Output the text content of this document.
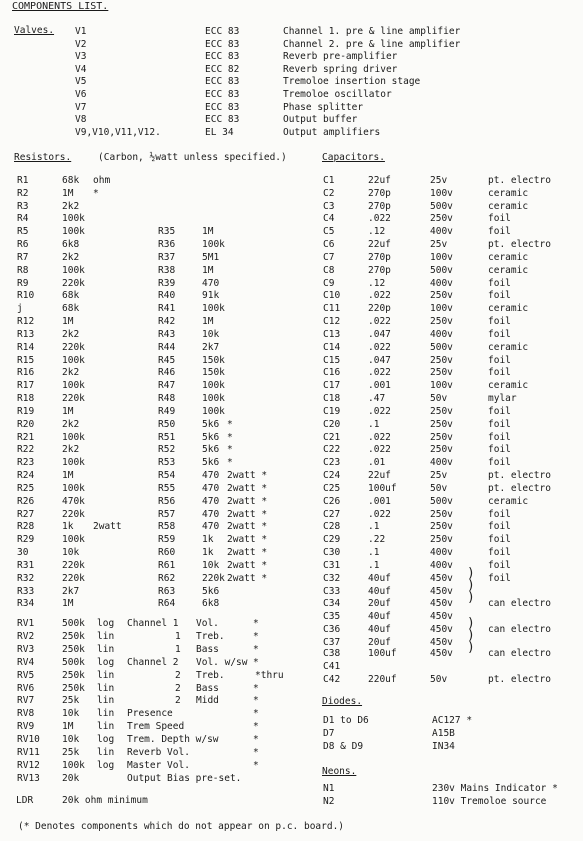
COMPONENTS LIST.
Valves. V1	ECC 83	Channel 1. pre & line amplifier
V2	ECC 83	Channel 2. pre & line amplifier
V3	ECC 83	Reverb pre-amplifier
V4	ECC 82	Reverb spring driver
V5	ECC 83	Tremoloe insertion stage
V6	ECC 83	Tremoloe oscillator
V7	ECC 83	Phase splitter
V8	ECC 83	Output buffer
V9,V10,V11,V12.	EL 34	Output amplifiers
Resistors.	(Carbon, ½watt unless specified.)
R1	68k ohm
R2	1M *
R3	2k2
R4	100k
R5	100k
R6	6k8
R7	2k2
R8	100k
R9	220k
R10	68k
j	68k
R12	1M
R13	2k2
R14	220k
R15	100k
R16	2k2
R17	100k
R18	220k
R19	1M
R20	2k2
R21	100k
R22	2k2
R23	100k
R24	1M
R25	100k
R26	470k
R27	220k
R28	1k 2watt
R29	100k
30	10k
R31	220k
R32	220k
R33	2k7
R34	1M
R35	1M
R36	100k
R37	5M1
R38	1M
R39	470
R40	91k
R41	100k
R42	1M
R43	10k
R44	2k7
R45	150k
R46	150k
R47	100k
R48	100k
R49	100k
R50	5k6 *
R51	5k6 *
R52	5k6 *
R53	5k6 *
R54	470 2watt *
R55	470 2watt *
R56	470 2watt *
R57	470 2watt *
R58	470 2watt *
R59	1k 2watt *
R60	1k 2watt *
R61	10k 2watt *
R62	220k 2watt *
R63	5k6
R64	6k8
Capacitors.
C1	22uf	25v	pt. electro
C2	270p	100v	ceramic
C3	270p	500v	ceramic
C4	.022	250v	foil
C5	.12	400v	foil
C6	22uf	25v	pt. electro
C7	270p	100v	ceramic
C8	270p	500v	ceramic
C9	.12	400v	foil
C10	.022	250v	foil
C11	220p	100v	ceramic
C12	.022	250v	foil
C13	.047	400v	foil
C14	.022	500v	ceramic
C15	.047	250v	foil
C16	.022	250v	foil
C17	.001	100v	ceramic
C18	.47	50v	mylar
C19	.022	250v	foil
C20	.1	250v	foil
C21	.022	250v	foil
C22	.022	250v	foil
C23	.01	400v	foil
C24	22uf	25v	pt. electro
C25	100uf	50v	pt. electro
C26	.001	500v	ceramic
C27	.022	250v	foil
C28	.1	250v	foil
C29	.22	250v	foil
C30	.1	400v	foil
C31	.1	400v	foil
C32	40uf	450v	foil
C33	40uf	450v
C34	20uf	450v	can electro
C35	40uf	450v
C36	40uf	450v	can electro
C37	20uf	450v
C38	100uf	450v	can electro
C41
C42	220uf	50v	pt. electro
)
)
)
)
)
)
RV1	500k log Channel 1 Vol.	*
RV2	250k lin	1 Treb.	*
RV3	250k lin	1 Bass	*
RV4	500k log Channel 2 Vol. w/sw *
RV5	250k lin	2 Treb.	*thru
RV6	250k lin	2 Bass	*
RV7	25k lin	2 Midd	*
RV8	10k lin Presence	*
RV9	1M lin Trem Speed	*
RV10 10k log Trem. Depth w/sw	*
RV11 25k lin Reverb Vol.	*
RV12 100k log Master Vol.	*
RV13 20k	Output Bias pre-set.
LDR	20k ohm minimum
Diodes.
D1 to D6	AC127 *
D7	A15B
D8 & D9	IN34
Neons.
N1	230v Mains Indicator *
N2	110v Tremoloe source
(* Denotes components which do not appear on p.c. board.)
